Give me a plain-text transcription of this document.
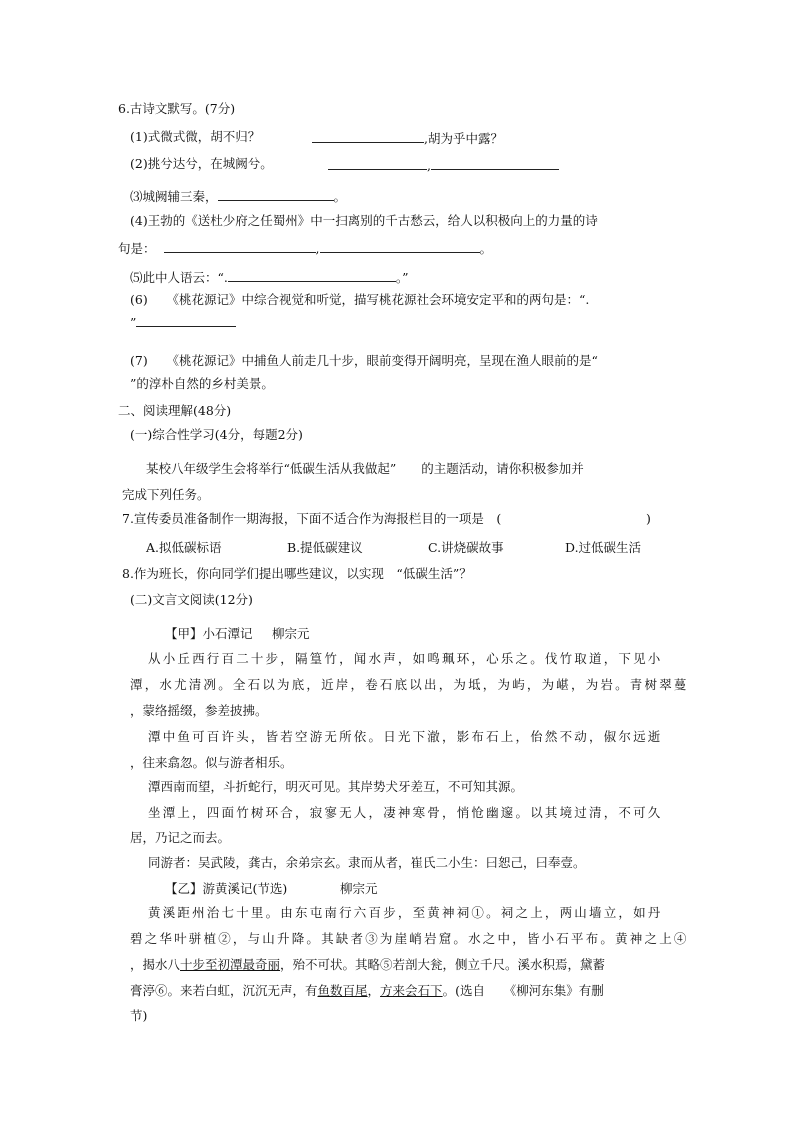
6.古诗文默写。(7分)
(1)式微式微，胡不归？	,胡为乎中露？
(2)挑兮达兮，在城阙兮。	,
⑶城阙辅三秦，	。
(4)王勃的《送杜少府之任蜀州》中一扫离别的千古愁云，给人以积极向上的力量的诗
句是：	,	。
⑸此中人语云：“.	。”
(6)　　《桃花源记》中综合视觉和听觉，描写桃花源社会环境安定平和的两句是：“.
”
(7)　　《桃花源记》中捕鱼人前走几十步，眼前变得开阔明亮，呈现在渔人眼前的是“
”的淳朴自然的乡村美景。
二、阅读理解(48分)
(一)综合性学习(4分，每题2分)
某校八年级学生会将举行“低碳生活从我做起”　　的主题活动，请你积极参加并
完成下列任务。
7.宣传委员准备制作一期海报，下面不适合作为海报栏目的一项是　(	)
A.拟低碳标语	B.提低碳建议	C.讲烧碳故事	D.过低碳生活
8.作为班长，你向同学们提出哪些建议，以实现　“低碳生活”？
(二)文言文阅读(12分)
【甲】小石潭记 柳宗元
从小丘西行百二十步，隔篁竹，闻水声，如鸣珮环，心乐之。伐竹取道，下见小
潭，水尤清冽。全石以为底，近岸，卷石底以出，为坻，为屿，为嵁，为岩。青树翠蔓
，蒙络摇缀，参差披拂。
潭中鱼可百许头，皆若空游无所依。日光下澈，影布石上，佁然不动，俶尔远逝
，往来翕忽。似与游者相乐。
潭西南而望，斗折蛇行，明灭可见。其岸势犬牙差互，不可知其源。
坐潭上，四面竹树环合，寂寥无人，凄神寒骨，悄怆幽邃。以其境过清，不可久
居，乃记之而去。
同游者：吴武陵，龚古，余弟宗玄。隶而从者，崔氏二小生：曰恕己，曰奉壹。
【乙】游黄溪记(节选)	柳宗元
黄溪距州治七十里。由东屯南行六百步，至黄神祠①。祠之上，两山墙立，如丹
碧之华叶骈植②，与山升降。其缺者③为崖峭岩窟。水之中，皆小石平布。黄神之上④
，揭水八十步至初潭最奇丽，殆不可状。其略⑤若剖大瓮，侧立千尺。溪水积焉，黛蓄
膏渟⑥。来若白虹，沉沉无声，有鱼数百尾，方来会石下。(选自　　《柳河东集》有删
节)
